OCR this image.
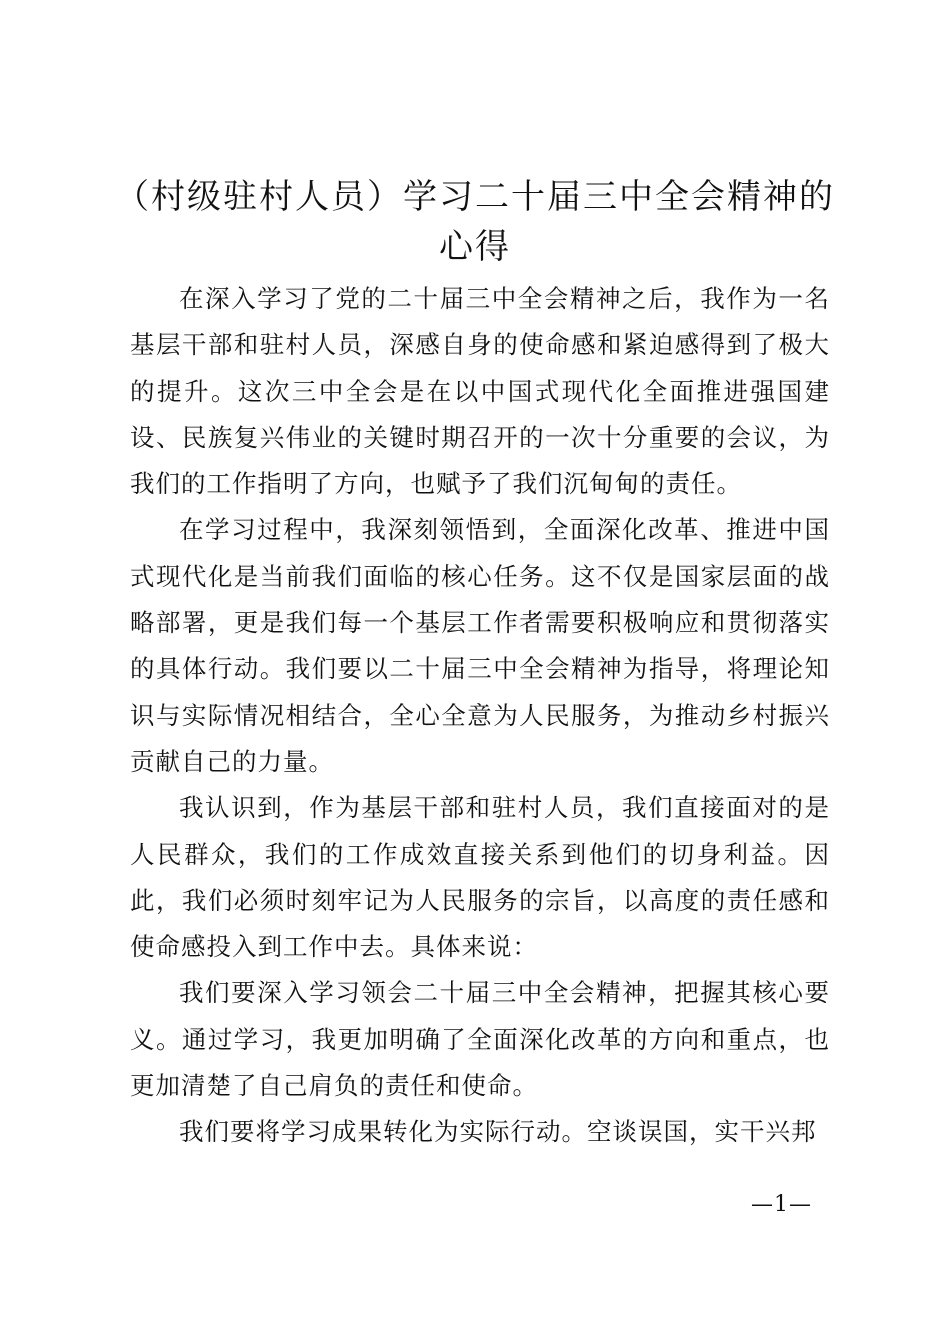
（村级驻村人员）学习二十届三中全会精神的
心得

在深入学习了党的二十届三中全会精神之后，我作为一名基层干部和驻村人员，深感自身的使命感和紧迫感得到了极大的提升。这次三中全会是在以中国式现代化全面推进强国建设、民族复兴伟业的关键时期召开的一次十分重要的会议，为我们的工作指明了方向，也赋予了我们沉甸甸的责任。

在学习过程中，我深刻领悟到，全面深化改革、推进中国式现代化是当前我们面临的核心任务。这不仅是国家层面的战略部署，更是我们每一个基层工作者需要积极响应和贯彻落实的具体行动。我们要以二十届三中全会精神为指导，将理论知识与实际情况相结合，全心全意为人民服务，为推动乡村振兴贡献自己的力量。

我认识到，作为基层干部和驻村人员，我们直接面对的是人民群众，我们的工作成效直接关系到他们的切身利益。因此，我们必须时刻牢记为人民服务的宗旨，以高度的责任感和使命感投入到工作中去。具体来说：

我们要深入学习领会二十届三中全会精神，把握其核心要义。通过学习，我更加明确了全面深化改革的方向和重点，也更加清楚了自己肩负的责任和使命。

我们要将学习成果转化为实际行动。空谈误国，实干兴邦

—1—
